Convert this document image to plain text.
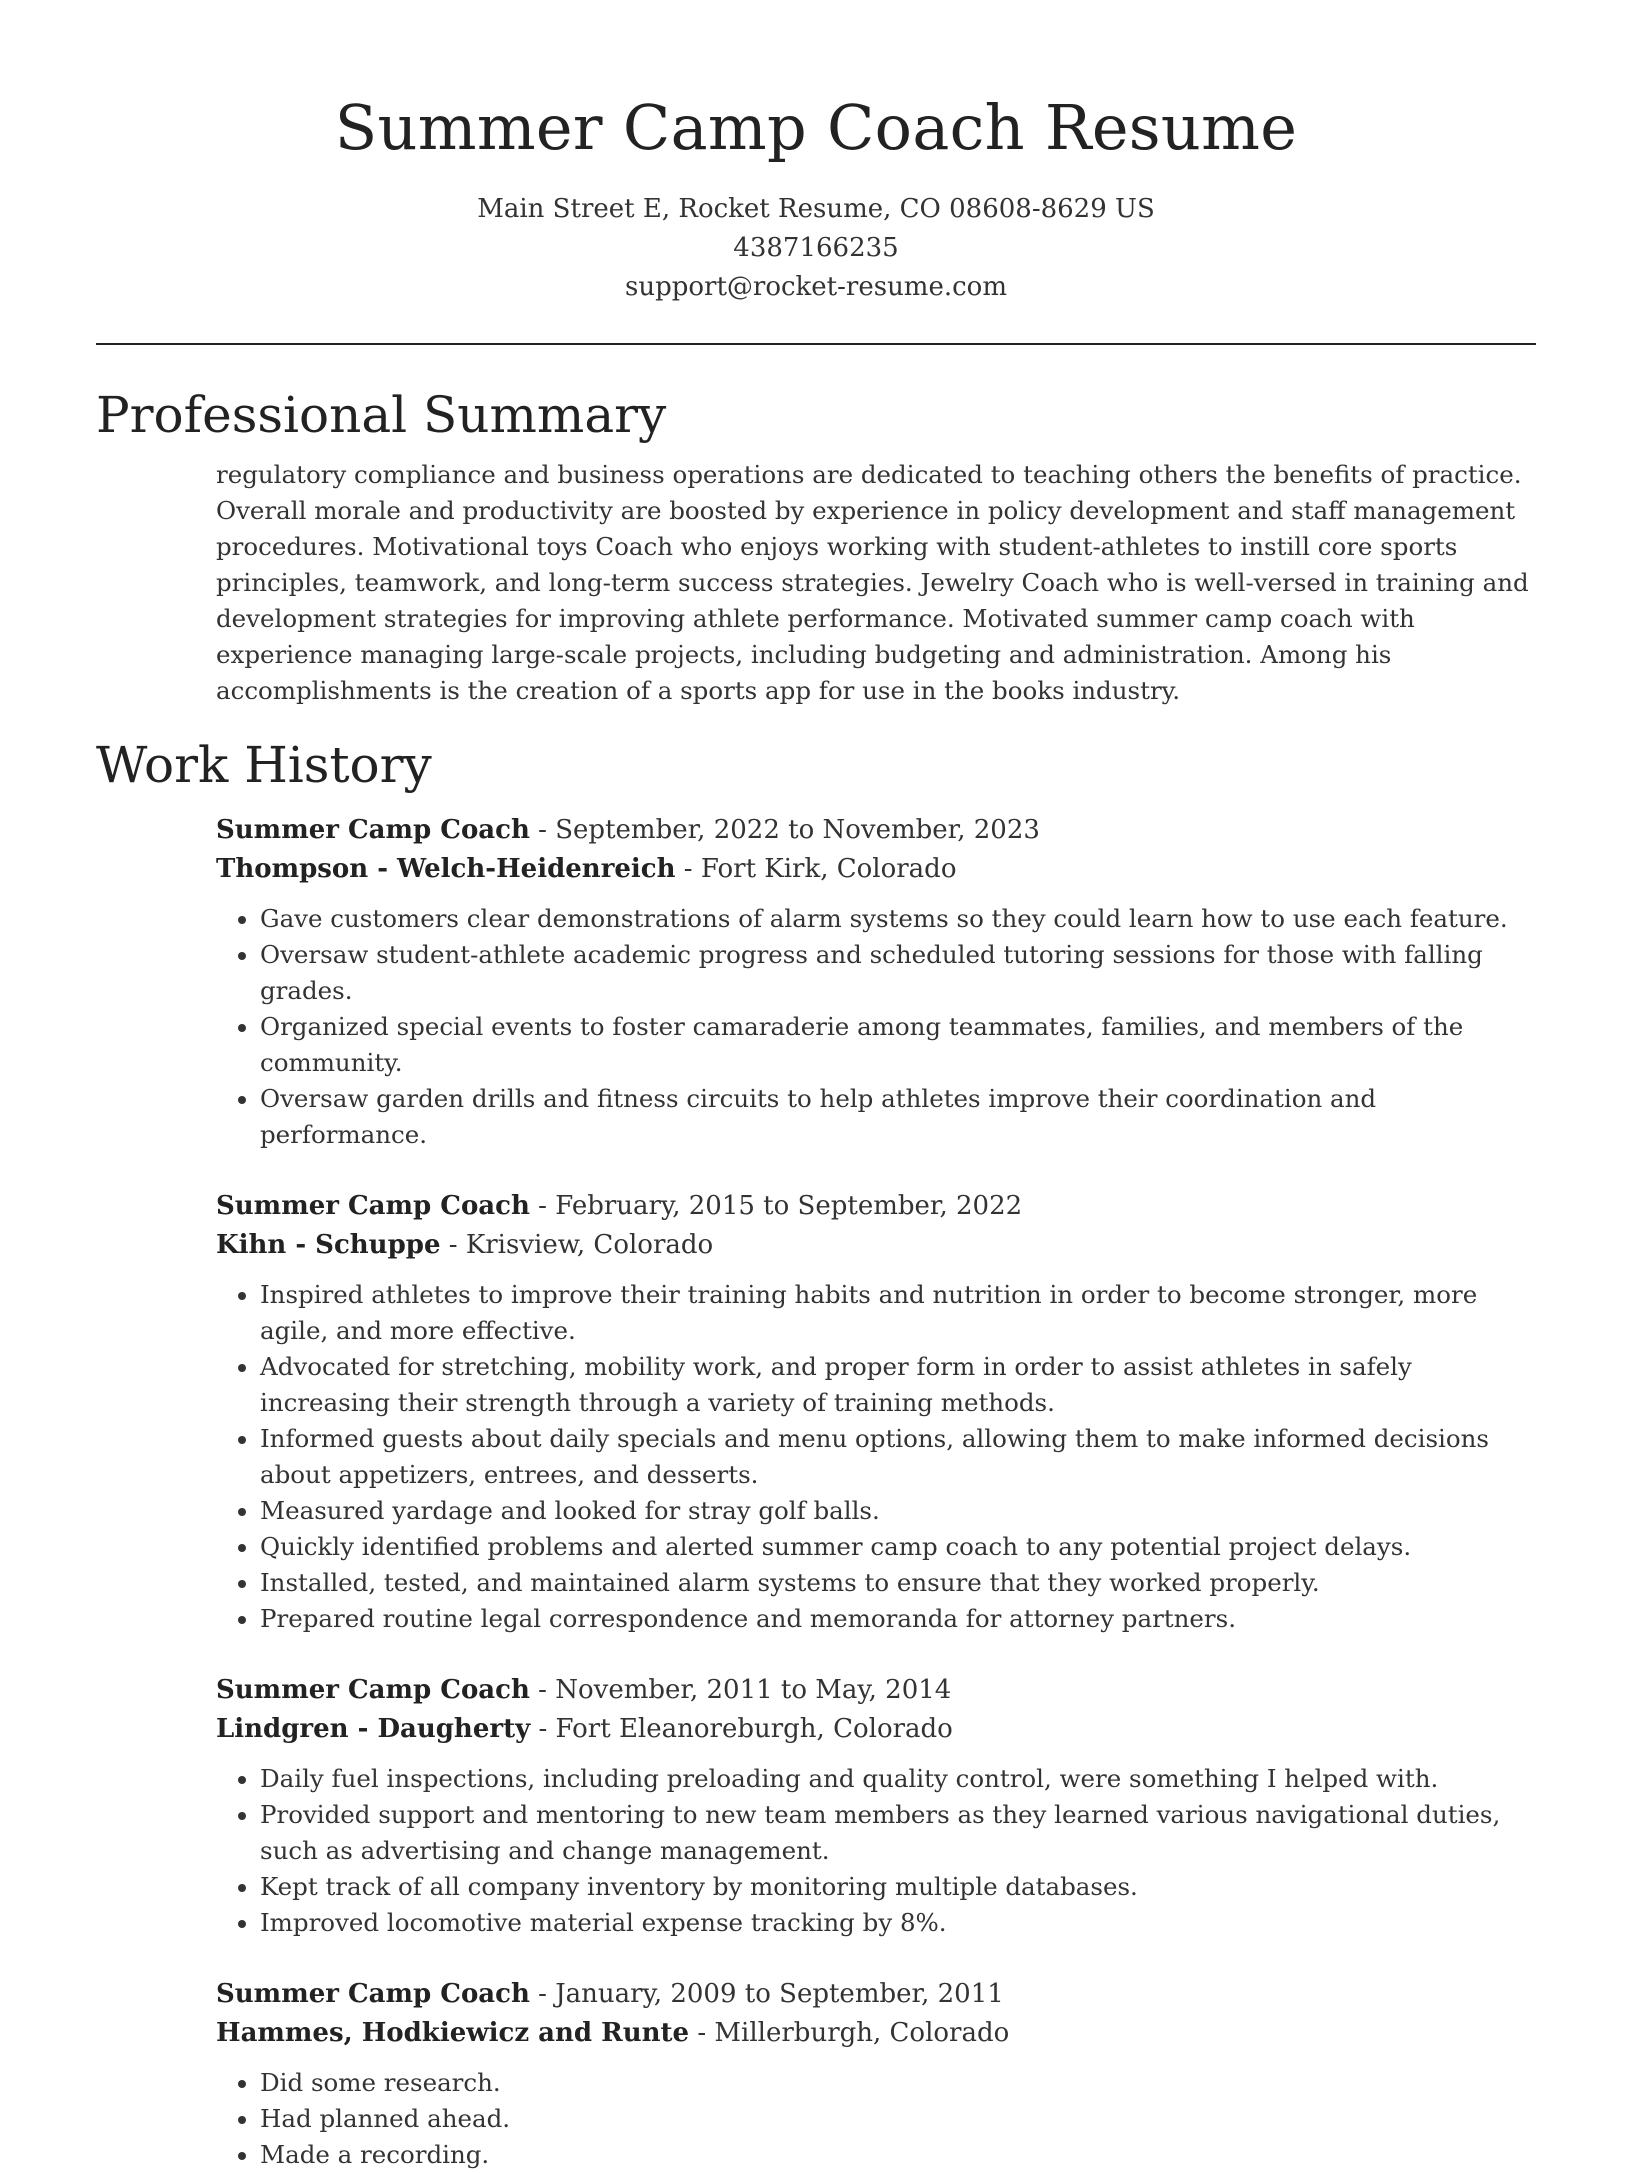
Summer Camp Coach Resume
Main Street E, Rocket Resume, CO 08608-8629 US
4387166235
support@rocket-resume.com
Professional Summary

regulatory compliance and business operations are dedicated to teaching others the benefits of practice. Overall morale and productivity are boosted by experience in policy development and staff management procedures. Motivational toys Coach who enjoys working with student-athletes to instill core sports principles, teamwork, and long-term success strategies. Jewelry Coach who is well-versed in training and development strategies for improving athlete performance. Motivated summer camp coach with experience managing large-scale projects, including budgeting and administration. Among his accomplishments is the creation of a sports app for use in the books industry.

Work History
Summer Camp Coach - September, 2022 to November, 2023
Thompson - Welch-Heidenreich - Fort Kirk, Colorado
• Gave customers clear demonstrations of alarm systems so they could learn how to use each feature.
• Oversaw student-athlete academic progress and scheduled tutoring sessions for those with falling grades.
• Organized special events to foster camaraderie among teammates, families, and members of the community.
• Oversaw garden drills and fitness circuits to help athletes improve their coordination and performance.
Summer Camp Coach - February, 2015 to September, 2022
Kihn - Schuppe - Krisview, Colorado
• Inspired athletes to improve their training habits and nutrition in order to become stronger, more agile, and more effective.
• Advocated for stretching, mobility work, and proper form in order to assist athletes in safely increasing their strength through a variety of training methods.
• Informed guests about daily specials and menu options, allowing them to make informed decisions about appetizers, entrees, and desserts.
• Measured yardage and looked for stray golf balls.
• Quickly identified problems and alerted summer camp coach to any potential project delays.
• Installed, tested, and maintained alarm systems to ensure that they worked properly.
• Prepared routine legal correspondence and memoranda for attorney partners.
Summer Camp Coach - November, 2011 to May, 2014
Lindgren - Daugherty - Fort Eleanoreburgh, Colorado
• Daily fuel inspections, including preloading and quality control, were something I helped with.
• Provided support and mentoring to new team members as they learned various navigational duties, such as advertising and change management.
• Kept track of all company inventory by monitoring multiple databases.
• Improved locomotive material expense tracking by 8%.
Summer Camp Coach - January, 2009 to September, 2011
Hammes, Hodkiewicz and Runte - Millerburgh, Colorado
• Did some research.
• Had planned ahead.
• Made a recording.
